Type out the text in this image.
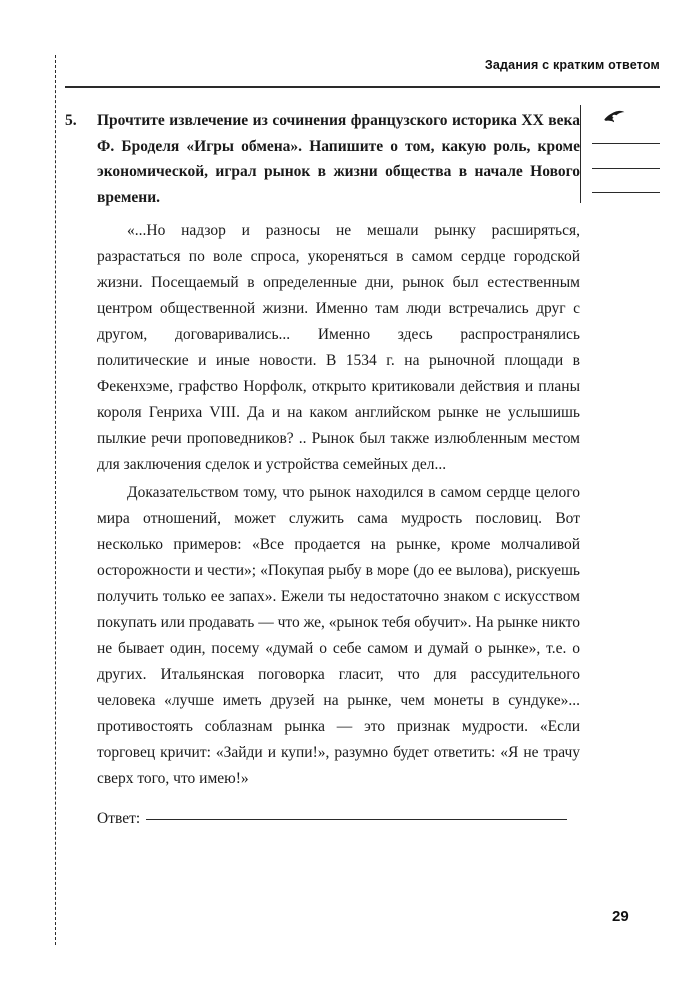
Задания с кратким ответом
5.	Прочтите извлечение из сочинения французского историка XX века Ф. Броделя «Игры обмена». Напишите о том, какую роль, кроме экономической, играл рынок в жизни общества в начале Нового времени.

«...Но надзор и разносы не мешали рынку расширяться, разрастаться по воле спроса, укореняться в самом сердце городской жизни. Посещаемый в определенные дни, рынок был естественным центром общественной жизни. Именно там люди встречались друг с другом, договаривались... Именно здесь распространялись политические и иные новости. В 1534 г. на рыночной площади в Фекенхэме, графство Норфолк, открыто критиковали действия и планы короля Генриха VIII. Да и на каком английском рынке не услышишь пылкие речи проповедников? .. Рынок был также излюбленным местом для заключения сделок и устройства семейных дел...

Доказательством тому, что рынок находился в самом сердце целого мира отношений, может служить сама мудрость пословиц. Вот несколько примеров: «Все продается на рынке, кроме молчаливой осторожности и чести»; «Покупая рыбу в море (до ее вылова), рискуешь получить только ее запах». Ежели ты недостаточно знаком с искусством покупать или продавать — что же, «рынок тебя обучит». На рынке никто не бывает один, посему «думай о себе самом и думай о рынке», т.е. о других. Итальянская поговорка гласит, что для рассудительного человека «лучше иметь друзей на рынке, чем монеты в сундуке»... противостоять соблазнам рынка — это признак мудрости. «Если торговец кричит: «Зайди и купи!», разумно будет ответить: «Я не трачу сверх того, что имею!»

Ответ:
29
